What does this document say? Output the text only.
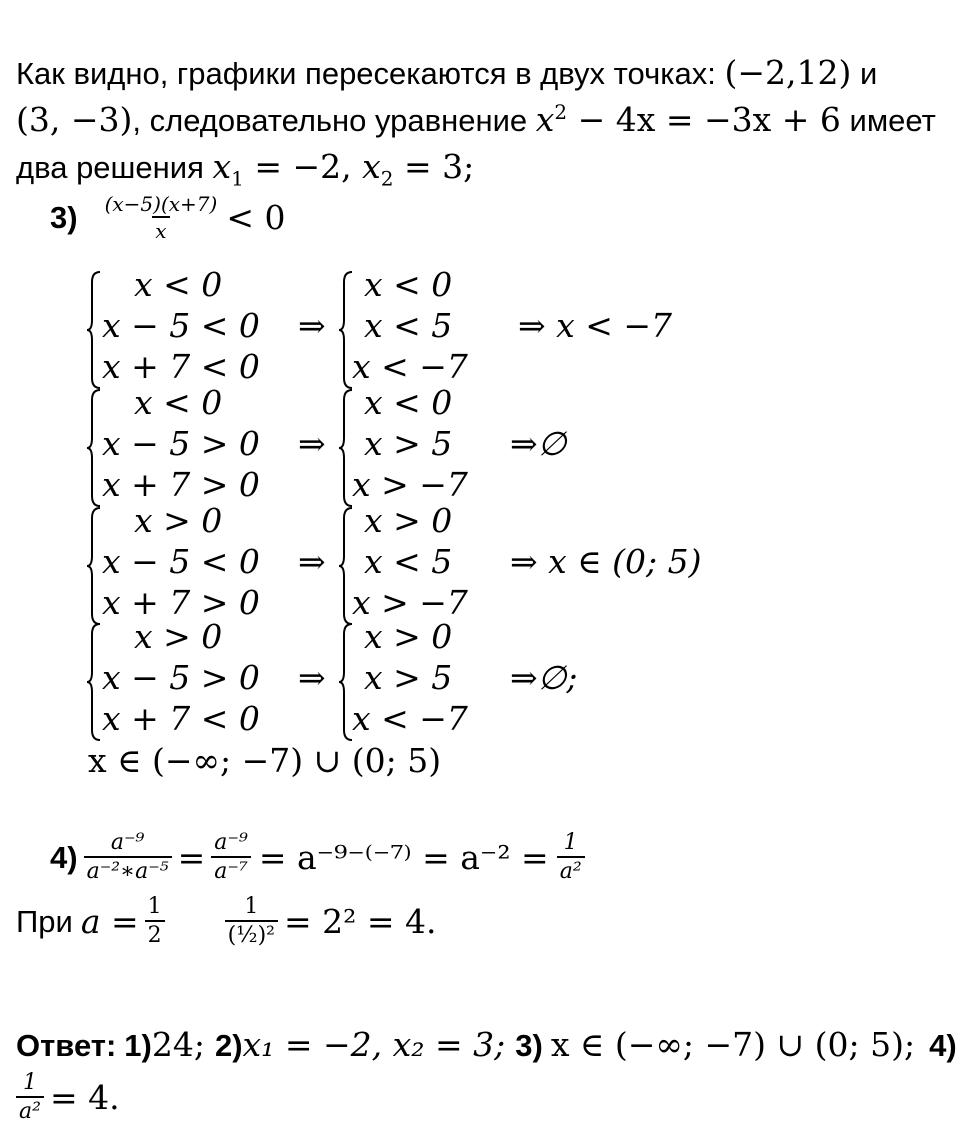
Как видно, графики пересекаются в двух точках: (−2,12) и
(3, −3), следовательно уравнение $x^2 - 4x = -3x + 6$ имеет
два решения $x_1 = -2$, $x_2 = 3$;
$3) \frac{(x-5)(x+7)}{x} < 0$
x < 0
x − 5 < 0
x + 7 < 0
⇒
x < 0
x < 5
x < −7
⇒ x < −7
x < 0
x − 5 > 0
x + 7 > 0
⇒
x < 0
x > 5
x > −7
⇒∅
x > 0
x − 5 < 0
x + 7 > 0
⇒
x > 0
x < 5
x > −7
⇒ x ∈ (0; 5)
x > 0
x − 5 > 0
x + 7 < 0
⇒
x > 0
x > 5
x < −7
⇒∅;
x ∈ (−∞; −7) ∪ (0; 5)
$4) \frac{\text{a⁻⁹}}{\text{a⁻²∗a⁻⁵}} = \frac{\text{a⁻⁹}}{\text{a⁻⁷}} = a^{-9-(-7)} = a^{-2} = \frac{1}{\text{a²}}$
При $a = \frac{1}{2}$	$\frac{1}{\text{(½)²}} = 2^2 = 4$.
Ответ: 1) 24; 2) x₁ = −2, x₂ = 3; 3) x ∈ (−∞; −7) ∪ (0; 5); 4)
$\frac{1}{\text{a²}} = 4$.
